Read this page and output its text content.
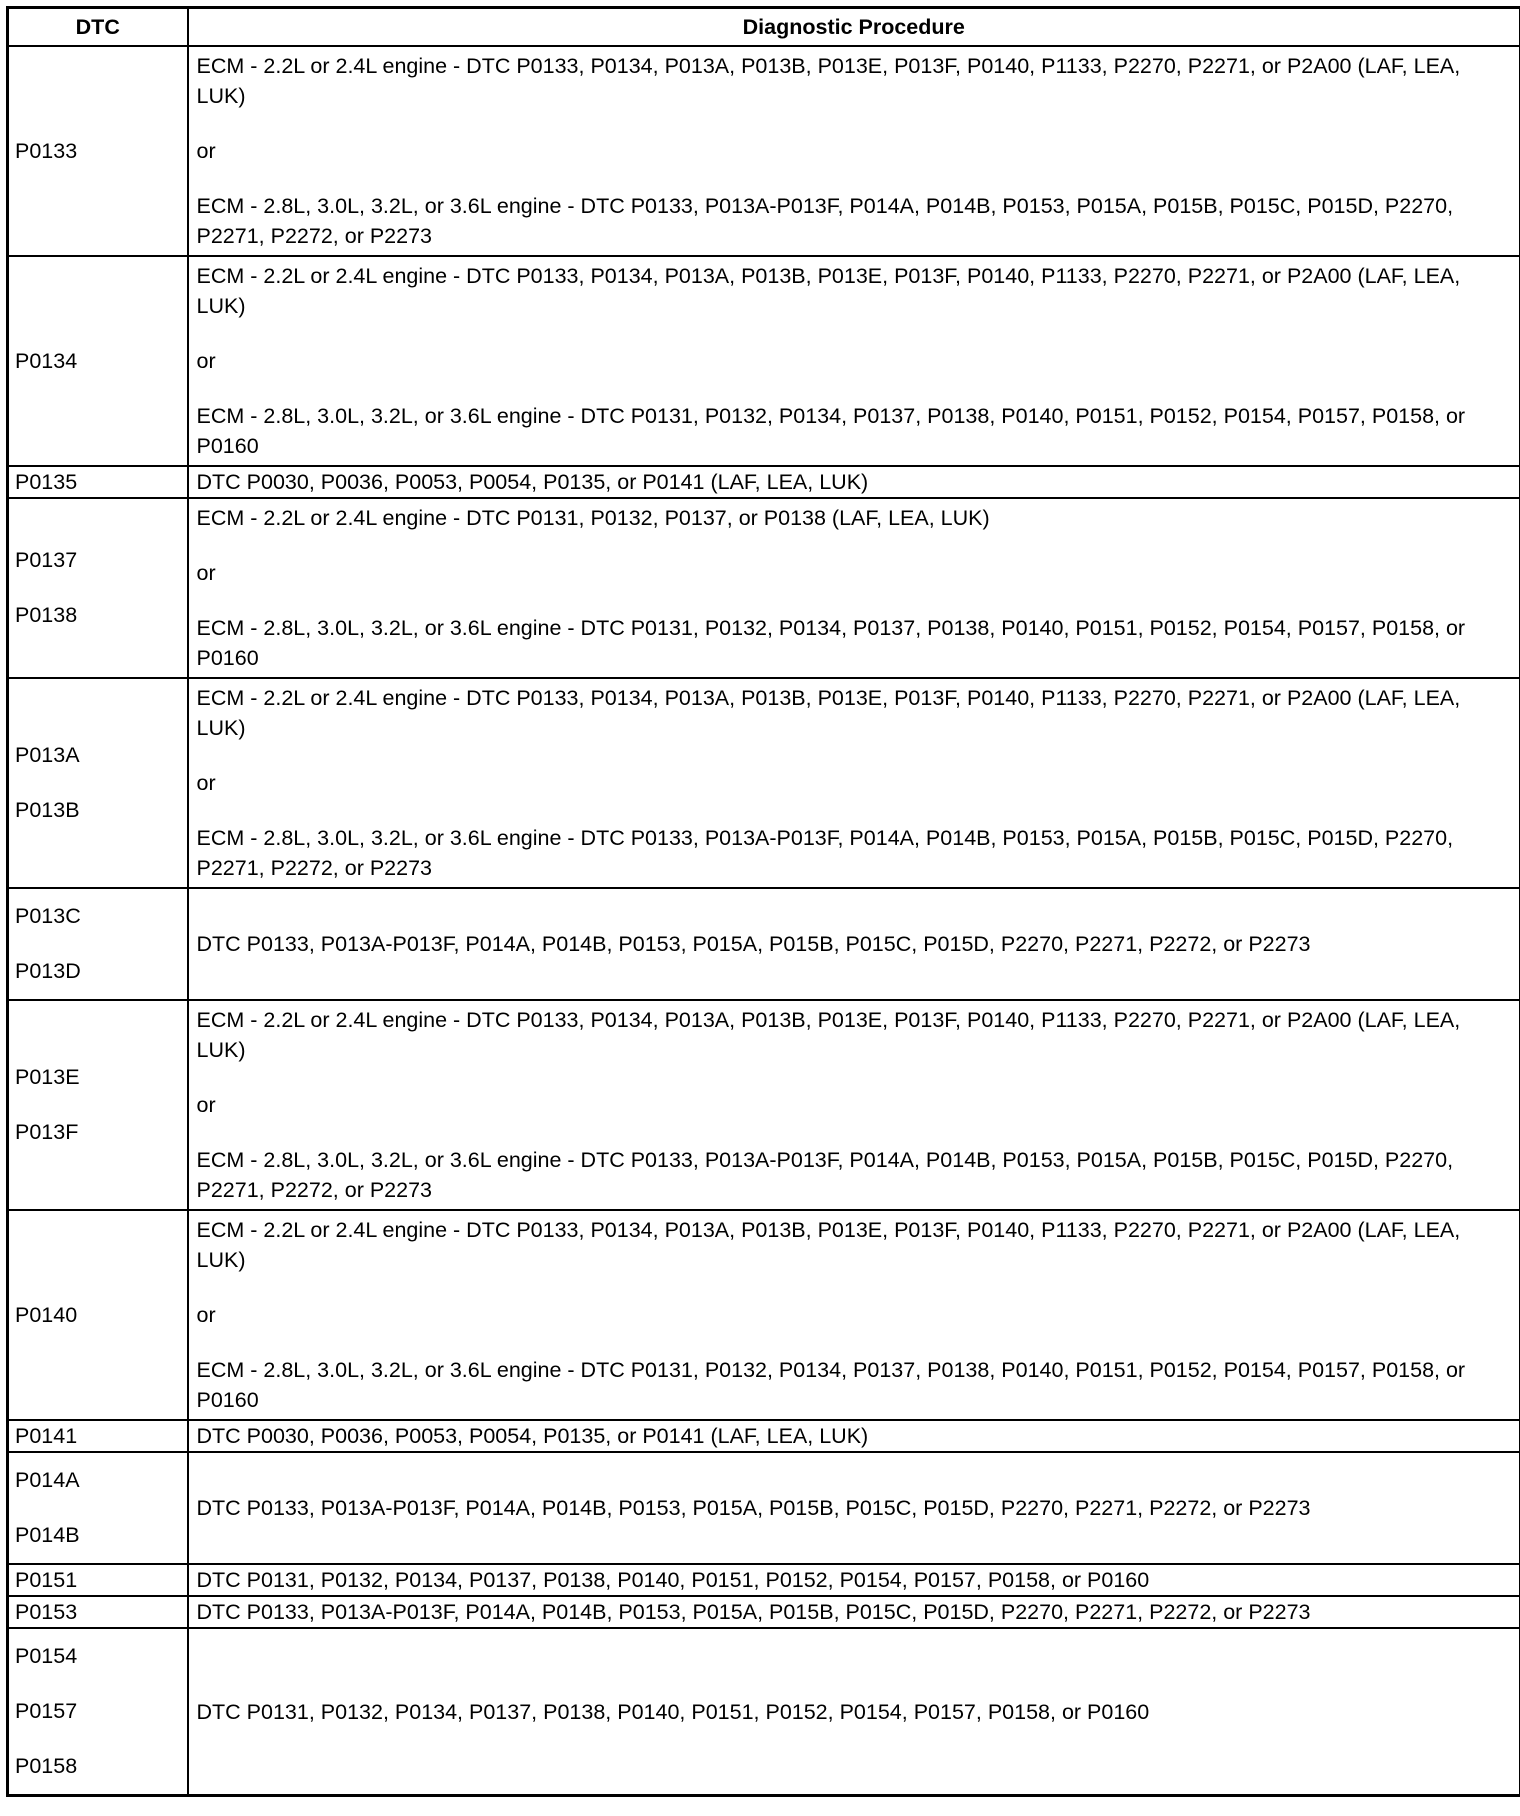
DTC	Diagnostic Procedure

P0133	ECM - 2.2L or 2.4L engine - DTC P0133, P0134, P013A, P013B, P013E, P013F, P0140, P1133, P2270, P2271, or P2A00 (LAF, LEA, LUK)
or
ECM - 2.8L, 3.0L, 3.2L, or 3.6L engine - DTC P0133, P013A-P013F, P014A, P014B, P0153, P015A, P015B, P015C, P015D, P2270, P2271, P2272, or P2273

P0134	ECM - 2.2L or 2.4L engine - DTC P0133, P0134, P013A, P013B, P013E, P013F, P0140, P1133, P2270, P2271, or P2A00 (LAF, LEA, LUK)
or
ECM - 2.8L, 3.0L, 3.2L, or 3.6L engine - DTC P0131, P0132, P0134, P0137, P0138, P0140, P0151, P0152, P0154, P0157, P0158, or P0160

P0135	DTC P0030, P0036, P0053, P0054, P0135, or P0141 (LAF, LEA, LUK)

P0137
P0138	ECM - 2.2L or 2.4L engine - DTC P0131, P0132, P0137, or P0138 (LAF, LEA, LUK)
or
ECM - 2.8L, 3.0L, 3.2L, or 3.6L engine - DTC P0131, P0132, P0134, P0137, P0138, P0140, P0151, P0152, P0154, P0157, P0158, or P0160

P013A
P013B	ECM - 2.2L or 2.4L engine - DTC P0133, P0134, P013A, P013B, P013E, P013F, P0140, P1133, P2270, P2271, or P2A00 (LAF, LEA, LUK)
or
ECM - 2.8L, 3.0L, 3.2L, or 3.6L engine - DTC P0133, P013A-P013F, P014A, P014B, P0153, P015A, P015B, P015C, P015D, P2270, P2271, P2272, or P2273

P013C
P013D	DTC P0133, P013A-P013F, P014A, P014B, P0153, P015A, P015B, P015C, P015D, P2270, P2271, P2272, or P2273

P013E
P013F	ECM - 2.2L or 2.4L engine - DTC P0133, P0134, P013A, P013B, P013E, P013F, P0140, P1133, P2270, P2271, or P2A00 (LAF, LEA, LUK)
or
ECM - 2.8L, 3.0L, 3.2L, or 3.6L engine - DTC P0133, P013A-P013F, P014A, P014B, P0153, P015A, P015B, P015C, P015D, P2270, P2271, P2272, or P2273

P0140	ECM - 2.2L or 2.4L engine - DTC P0133, P0134, P013A, P013B, P013E, P013F, P0140, P1133, P2270, P2271, or P2A00 (LAF, LEA, LUK)
or
ECM - 2.8L, 3.0L, 3.2L, or 3.6L engine - DTC P0131, P0132, P0134, P0137, P0138, P0140, P0151, P0152, P0154, P0157, P0158, or P0160

P0141	DTC P0030, P0036, P0053, P0054, P0135, or P0141 (LAF, LEA, LUK)

P014A
P014B	DTC P0133, P013A-P013F, P014A, P014B, P0153, P015A, P015B, P015C, P015D, P2270, P2271, P2272, or P2273

P0151	DTC P0131, P0132, P0134, P0137, P0138, P0140, P0151, P0152, P0154, P0157, P0158, or P0160

P0153	DTC P0133, P013A-P013F, P014A, P014B, P0153, P015A, P015B, P015C, P015D, P2270, P2271, P2272, or P2273

P0154
P0157
P0158	DTC P0131, P0132, P0134, P0137, P0138, P0140, P0151, P0152, P0154, P0157, P0158, or P0160
